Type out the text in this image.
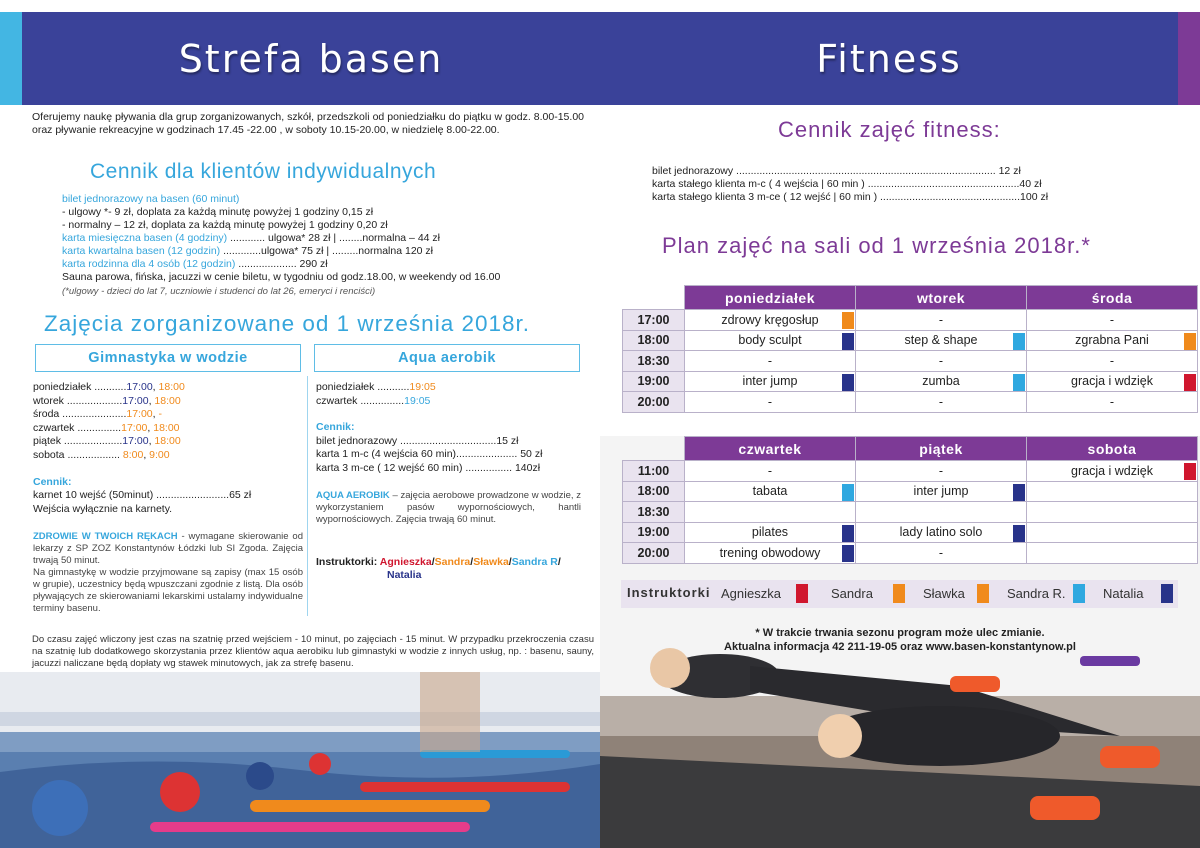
Strefa basen	Fitness
Oferujemy naukę pływania dla grup zorganizowanych, szkół, przedszkoli od poniedziałku do piątku w godz. 8.00-15.00 oraz pływanie rekreacyjne w godzinach 17.45 -22.00 , w soboty 10.15-20.00, w niedzielę 8.00-22.00.
Cennik dla klientów indywidualnych
bilet jednorazowy na basen (60 minut)
- ulgowy *- 9 zł, doplata za każdą minutę powyżej 1 godziny 0,15 zł
- normalny – 12 zł, doplata za każdą minutę powyżej 1 godziny 0,20 zł
karta miesięczna basen (4 godziny) ............ ulgowa* 28 zł | ........normalna – 44 zł
karta kwartalna basen (12 godzin) .............ulgowa* 75 zł | .........normalna 120 zł
karta rodzinna dla 4 osób (12 godzin) .................... 290 zł
Sauna parowa, fińska, jacuzzi w cenie biletu, w tygodniu od godz.18.00, w weekendy od 16.00
(*ulgowy - dzieci do lat 7, uczniowie i studenci do lat 26, emeryci i renciści)
Zajęcia zorganizowane od 1 września 2018r.
Gimnastyka w wodzie	Aqua aerobik
poniedziałek ...........17:00, 18:00
wtorek ...................17:00, 18:00
środa ......................17:00, -
czwartek ...............17:00, 18:00
piątek ....................17:00, 18:00
sobota .................. 8:00, 9:00
Cennik:
karnet 10 wejść (50minut) .........................65 zł
Wejścia wyłącznie na karnety.
ZDROWIE W TWOICH RĘKACH - wymagane skierowanie od lekarzy z SP ZOZ Konstantynów Łódzki lub SI Zgoda. Zajęcia trwają 50 minut.
Na gimnastykę w wodzie przyjmowane są zapisy (max 15 osób w grupie), uczestnicy będą wpuszczani zgodnie z listą. Dla osób pływających ze skierowaniami lekarskimi ustalamy indywidualne terminy basenu.
poniedziałek ...........19:05
czwartek ...............19:05
Cennik:
bilet jednorazowy .................................15 zł
karta 1 m-c (4 wejścia 60 min)..................... 50 zł
karta 3 m-ce ( 12 wejść 60 min) ................ 140zł
AQUA AEROBIK – zajęcia aerobowe prowadzone w wodzie, z wykorzystaniem pasów wypornościowych, hantli wypornościowych. Zajęcia trwają 60 minut.
Instruktorki: Agnieszka/Sandra/Sławka/Sandra R/
Natalia
Do czasu zajęć wliczony jest czas na szatnię przed wejściem - 10 minut, po zajęciach - 15 minut. W przypadku przekroczenia czasu na szatnię lub dodatkowego skorzystania przez klientów aqua aerobiku lub gimnastyki w wodzie z innych usług, np. : basenu, sauny, jacuzzi naliczane będą dopłaty wg stawek minutowych, jak za strefę basenu.
Cennik zajęć fitness:
bilet jednorazowy ......................................................................................... 12 zł
karta stałego klienta m-c ( 4 wejścia | 60 min ) ....................................................40 zł
karta stałego klienta 3 m-ce ( 12 wejść | 60 min ) ................................................100 zł
Plan zajęć na sali od 1 września 2018r.*
	poniedziałek	wtorek	środa
17:00	zdrowy kręgosłup	-	-
18:00	body sculpt	step & shape	zgrabna Pani

18:30	-	-	-
19:00	inter jump	zumba	gracja i wdzięk

20:00	-	-	-
	czwartek	piątek	sobota
11:00	-	-	gracja i wdzięk

18:00	tabata	inter jump

18:30			
19:00	pilates	lady latino solo

20:00	trening obwodowy	-	
Instruktorki Agnieszka	Sandra	Sławka	Sandra R.	Natalia
* W trakcie trwania sezonu program może ulec zmianie.
Aktualna informacja 42 211-19-05 oraz www.basen-konstantynow.pl
